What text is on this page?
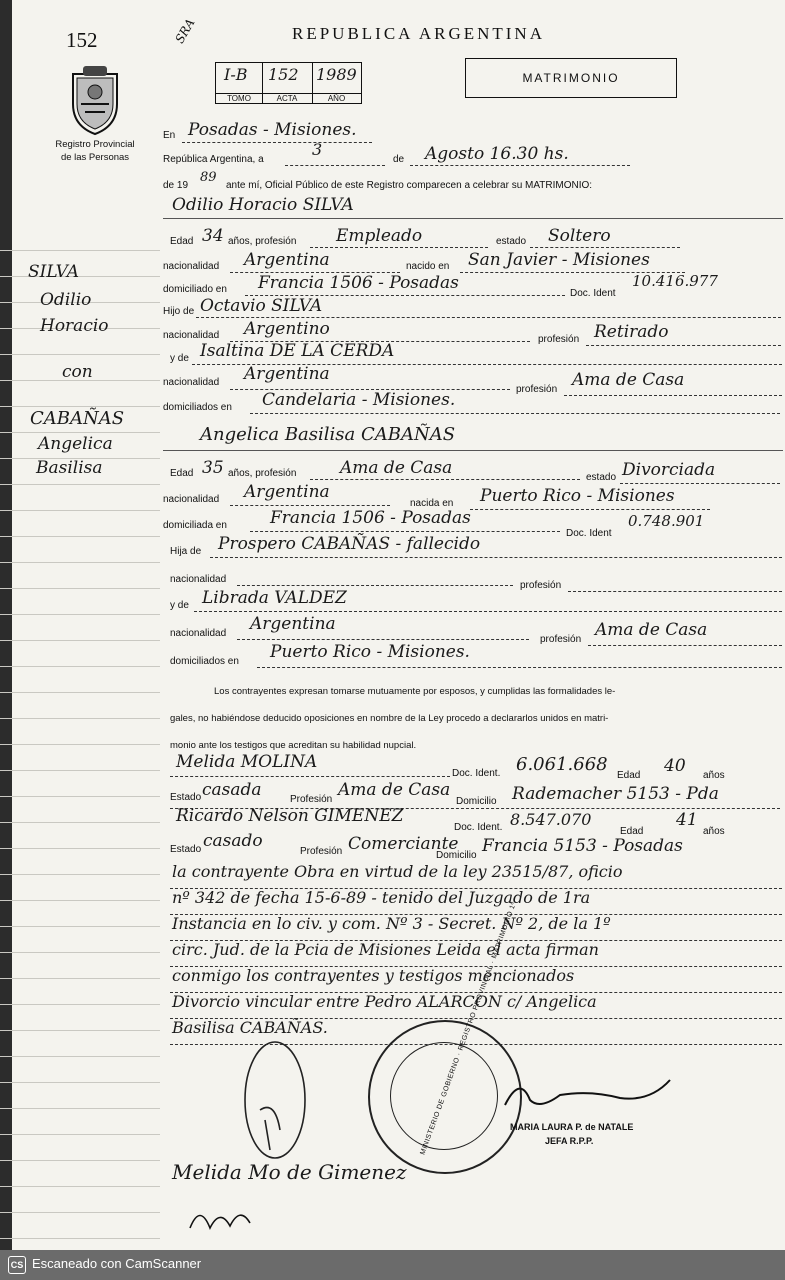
152
Registro Provincial
de las Personas
SRA	REPUBLICA ARGENTINA
MATRIMONIO
I-B 152 1989
TOMO	ACTA	AÑO
SILVA
Odilio
Horacio
con
CABAÑAS
Angelica
Basilisa
En Posadas - Misiones.
República Argentina, a
3
de Agosto 16.30 hs.
de 19
89
ante mí, Oficial Público de este Registro comparecen a celebrar su MATRIMONIO:
Odilio Horacio SILVA
Edad 34 años, profesión Empleado	estado Soltero
nacionalidad Argentina	nacido en San Javier - Misiones
domiciliado en Francia 1506 - Posadas
Doc. Ident
10.416.977
Hijo de Octavio SILVA
nacionalidad Argentino
profesión Retirado
y de Isaltina DE LA CERDA
nacionalidad Argentina
profesión Ama de Casa
domiciliados en Candelaria - Misiones.
Angelica Basilisa CABAÑAS
Edad 35 años, profesión	Ama de Casa	estado Divorciada
nacionalidad Argentina
nacida en Puerto Rico - Misiones
domiciliada en	Francia 1506 - Posadas
Doc. Ident
0.748.901
Hija de Prospero CABAÑAS - fallecido
nacionalidad
profesión
y de Librada VALDEZ
nacionalidad Argentina
profesión Ama de Casa
domiciliados en Puerto Rico - Misiones.
Los contrayentes expresan tomarse mutuamente por esposos, y cumplidas las formalidades le-
gales, no habiéndose deducido oposiciones en nombre de la Ley procedo a declararlos unidos en matri-
monio ante los testigos que acreditan su habilidad nupcial.
Melida MOLINA
Doc. Ident. 6.061.668
Edad 40 años
Estado casada	Profesión Ama de Casa
Domicilio Rademacher 5153 - Pda
Ricardo Nelson GIMENEZ
Doc. Ident. 8.547.070
Edad
41
años
Estado casado
Profesión Comerciante
Domicilio Francia 5153 - Posadas
la contrayente Obra en virtud de la ley 23515/87, oficio
nº 342 de fecha 15-6-89 - tenido del Juzgado de 1ra
Instancia en lo civ. y com. Nº 3 - Secret. Nº 2, de la 1º
circ. Jud. de la Pcia de Misiones Leida el acta firman
conmigo los contrayentes y testigos mencionados
Divorcio vincular entre Pedro ALARCON c/ Angelica
Basilisa CABAÑAS.	MINISTERIO DE GOBIERNO · REGISTRO PROVINCIAL · MATRIMONIO 1º
MARIA LAURA P. de NATALE
JEFA R.P.P.
Melida Mo de Gimenez
CS Escaneado con CamScanner
